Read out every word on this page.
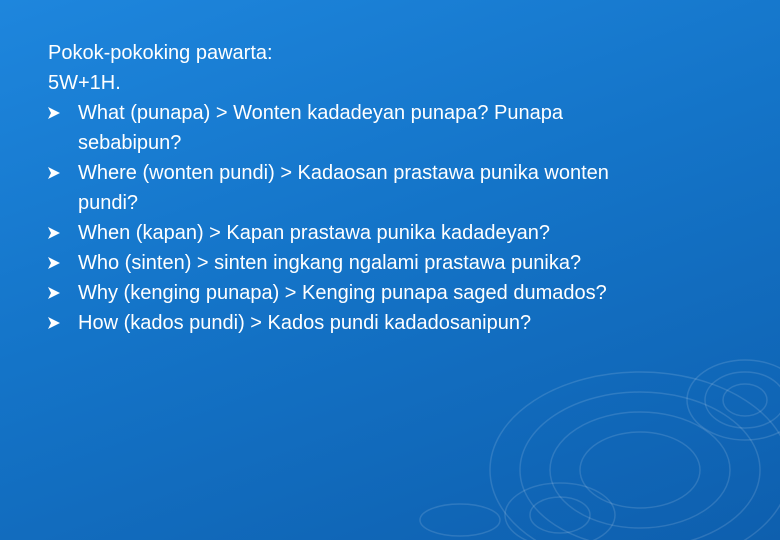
Pokok-pokoking pawarta:
5W+1H.
What (punapa) > Wonten kadadeyan punapa? Punapa
sebabipun?
Where (wonten pundi) > Kadaosan prastawa punika wonten
pundi?
When (kapan) > Kapan prastawa punika kadadeyan?
Who (sinten) > sinten ingkang ngalami prastawa punika?
Why (kenging punapa) > Kenging punapa saged dumados?
How (kados pundi) > Kados pundi kadadosanipun?
